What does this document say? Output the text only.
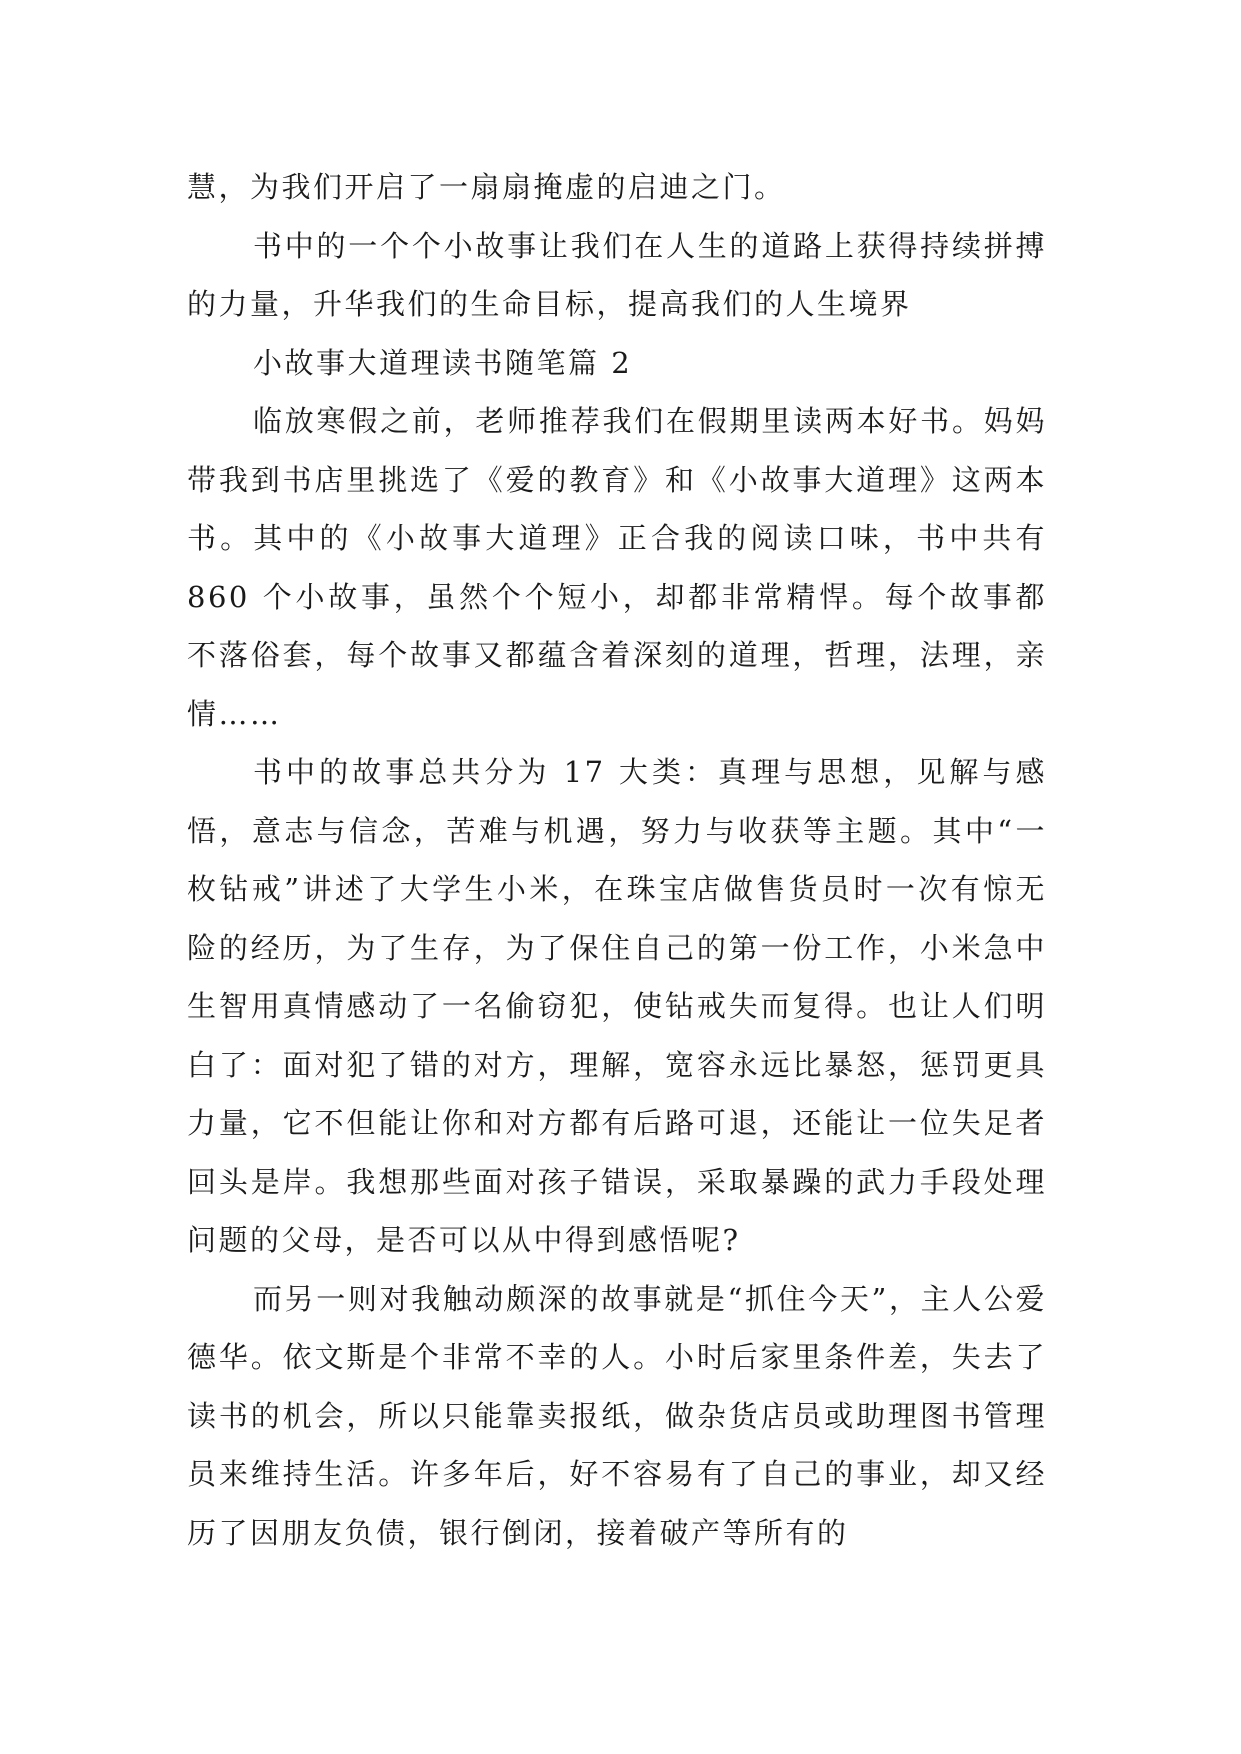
慧，为我们开启了一扇扇掩虚的启迪之门。

书中的一个个小故事让我们在人生的道路上获得持续拼搏的力量，升华我们的生命目标，提高我们的人生境界

小故事大道理读书随笔篇 2

临放寒假之前，老师推荐我们在假期里读两本好书。妈妈带我到书店里挑选了《爱的教育》和《小故事大道理》这两本书。其中的《小故事大道理》正合我的阅读口味，书中共有 860 个小故事，虽然个个短小，却都非常精悍。每个故事都不落俗套，每个故事又都蕴含着深刻的道理，哲理，法理，亲情……

书中的故事总共分为 17 大类：真理与思想，见解与感悟，意志与信念，苦难与机遇，努力与收获等主题。其中“一枚钻戒”讲述了大学生小米，在珠宝店做售货员时一次有惊无险的经历，为了生存，为了保住自己的第一份工作，小米急中生智用真情感动了一名偷窃犯，使钻戒失而复得。也让人们明白了：面对犯了错的对方，理解，宽容永远比暴怒，惩罚更具力量，它不但能让你和对方都有后路可退，还能让一位失足者回头是岸。我想那些面对孩子错误，采取暴躁的武力手段处理问题的父母，是否可以从中得到感悟呢?

而另一则对我触动颇深的故事就是“抓住今天”，主人公爱德华。依文斯是个非常不幸的人。小时后家里条件差，失去了读书的机会，所以只能靠卖报纸，做杂货店员或助理图书管理员来维持生活。许多年后，好不容易有了自己的事业，却又经历了因朋友负债，银行倒闭，接着破产等所有的
